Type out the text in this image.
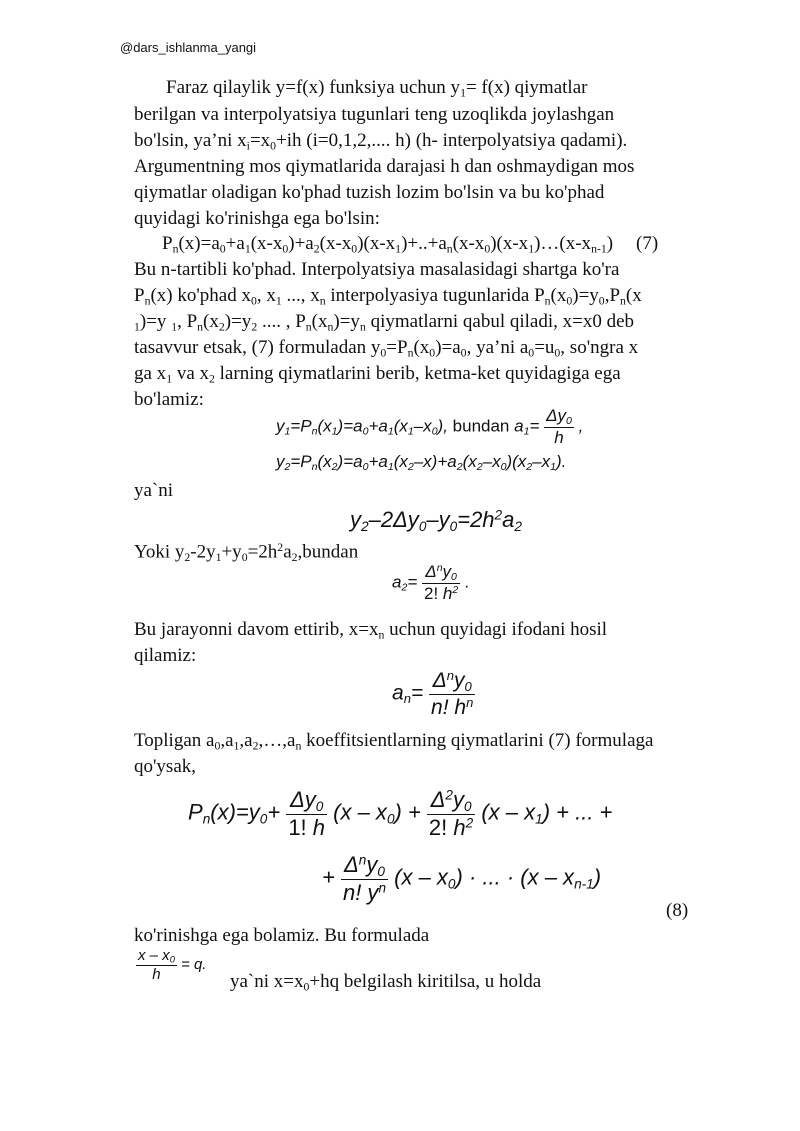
@dars_ishlanma_yangi
Faraz qilaylik y=f(x) funksiya uchun $y_1= f(x)$ qiymatlar
berilgan va interpolyatsiya tugunlari teng uzoqlikda joylashgan
bo'lsin, ya’ni $x_i=x_0+ih$ (i=0,1,2,.... h) (h- interpolyatsiya qadami).
Argumentning mos qiymatlarida darajasi h dan oshmaydigan mos
qiymatlar oladigan ko'phad tuzish lozim bo'lsin va bu ko'phad
quyidagi ko'rinishga ega bo'lsin:
$P_n(x)=a_0+a_1(x-x_0)+a_2(x-x_0)(x-x_1)+..+a_n(x-x_0)(x-x_1)\dots(x-x_{n-1})$ (7)
Bu n-tartibli ko'phad. Interpolyatsiya masalasidagi shartga ko'ra
$P_n(x)$ ko'phad $x_0$, $x_1$ ..., $x_n$ interpolyasiya tugunlarida $P_n(x_0)=y_0,P_n(x$
$_1$)=y $_1$, $P_n(x_2)=y_2$ .... , $P_n(x_n)=y_n$ qiymatlarni qabul qiladi, x=x0 deb
tasavvur etsak, (7) formuladan $y_0=P_n(x_0)=a_0$, ya’ni $a_0=u_0$, so'ngra x
ga $x_1$ va $x_2$ larning qiymatlarini berib, ketma-ket quyidagiga ega
bo'lamiz:
$y_1=P_n(x_1)=a_0+a_1(x_1-x_0)$, bundan $a_1= \frac{\Delta y_0}{h}$ ,
$y_2=P_n(x_2)=a_0+a_1(x_2-x)+a_2(x_2-x_0)(x_2-x_1)$.
ya`ni
$y_2-2\Delta y_0-y_0=2h^2a_2$
Yoki $y_2-2y_1+y_0=2h^2a_2,bundan$
$a_2= \frac{\Delta^ny_0}{2! h^2}$ .
Bu jarayonni davom ettirib, $x=x_n$ uchun quyidagi ifodani hosil
qilamiz:
$a_n= \frac{\Delta^ny_0}{n! h^n}$
Topligan $a_0,a_1,a_2,\dots,a_n$ koeffitsientlarning qiymatlarini (7) formulaga
qo'ysak,
$P_n(x)=y_0+ \frac{\Delta y_0}{1! h} (x - x_0) + \frac{\Delta^2y_0}{2! h^2} (x - x_1)$ + ... +
+ $\frac{\Delta^ny_0}{n! y^n} (x - x_0)$ · ... · $(x - x_{n-1})$
(8)
ko'rinishga ega bolamiz. Bu formulada
$\frac{x - x_0}{h} = q$.
ya`ni $x=x_0+hq$ belgilash kiritilsa, u holda
